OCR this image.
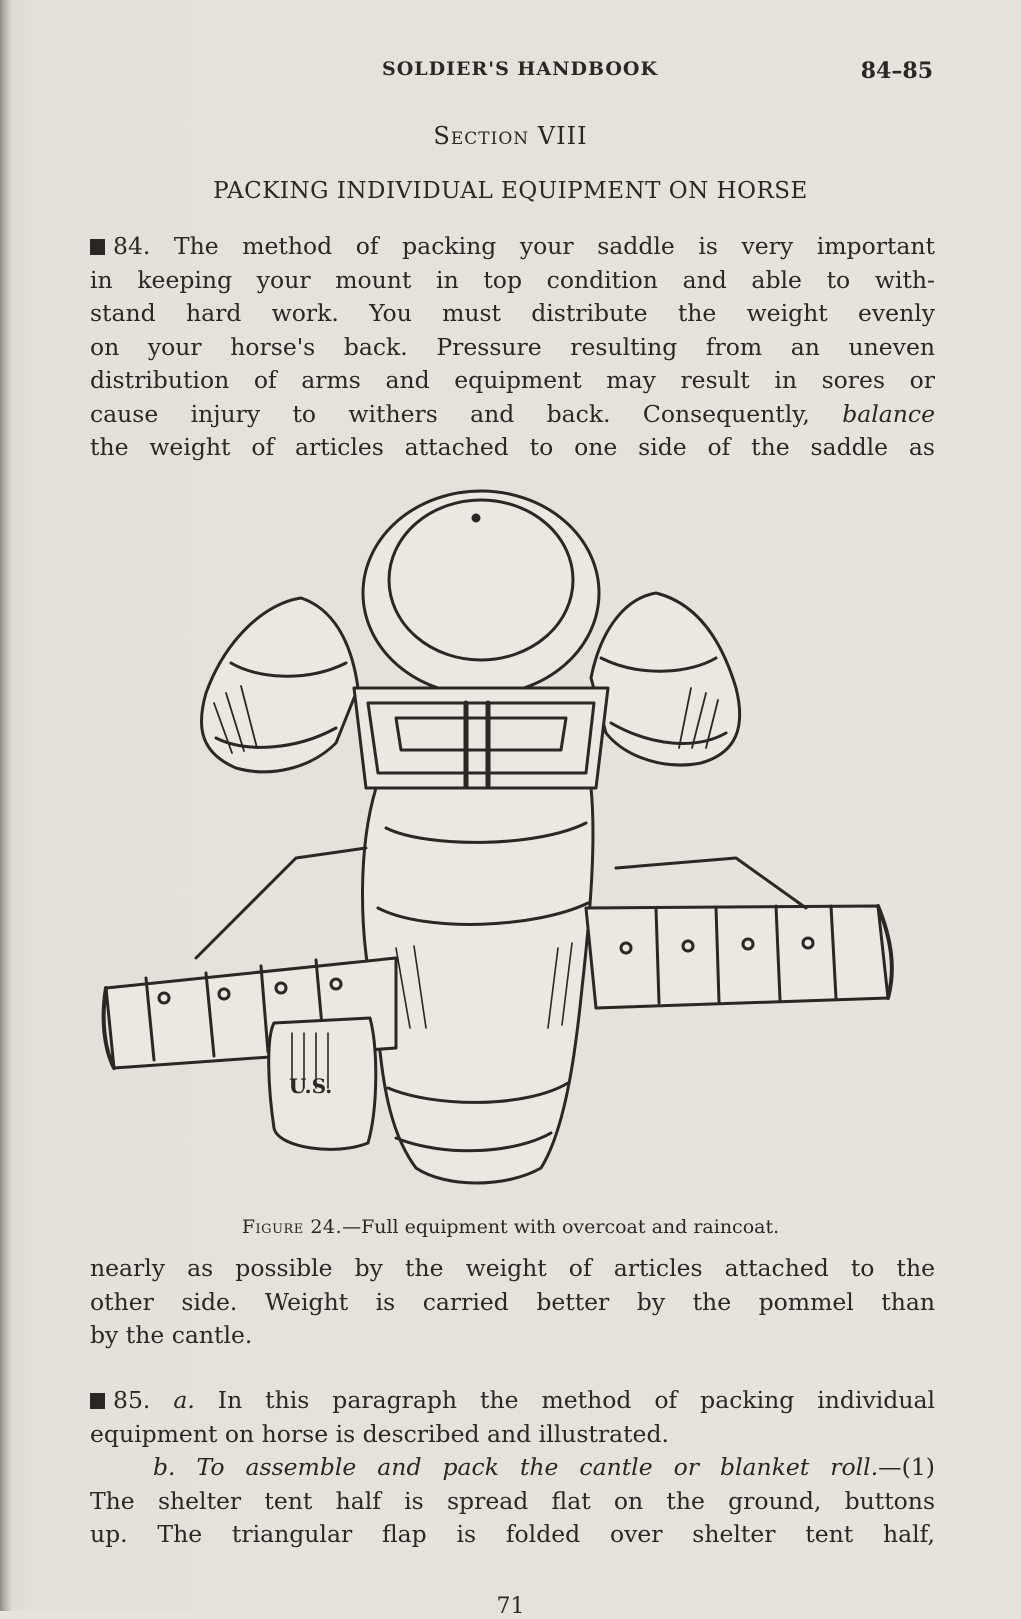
SOLDIER'S HANDBOOK	84–85
Section VIII
PACKING INDIVIDUAL EQUIPMENT ON HORSE
84. The method of packing your saddle is very important
in keeping your mount in top condition and able to with-
stand hard work. You must distribute the weight evenly
on your horse's back. Pressure resulting from an uneven
distribution of arms and equipment may result in sores or
cause injury to withers and back. Consequently, balance
the weight of articles attached to one side of the saddle as
U.S.
Figure 24.—Full equipment with overcoat and raincoat.
nearly as possible by the weight of articles attached to the
other side. Weight is carried better by the pommel than
by the cantle.
85. a. In this paragraph the method of packing individual
equipment on horse is described and illustrated.
b. To assemble and pack the cantle or blanket roll.—(1)
The shelter tent half is spread flat on the ground, buttons
up. The triangular flap is folded over shelter tent half,
71
